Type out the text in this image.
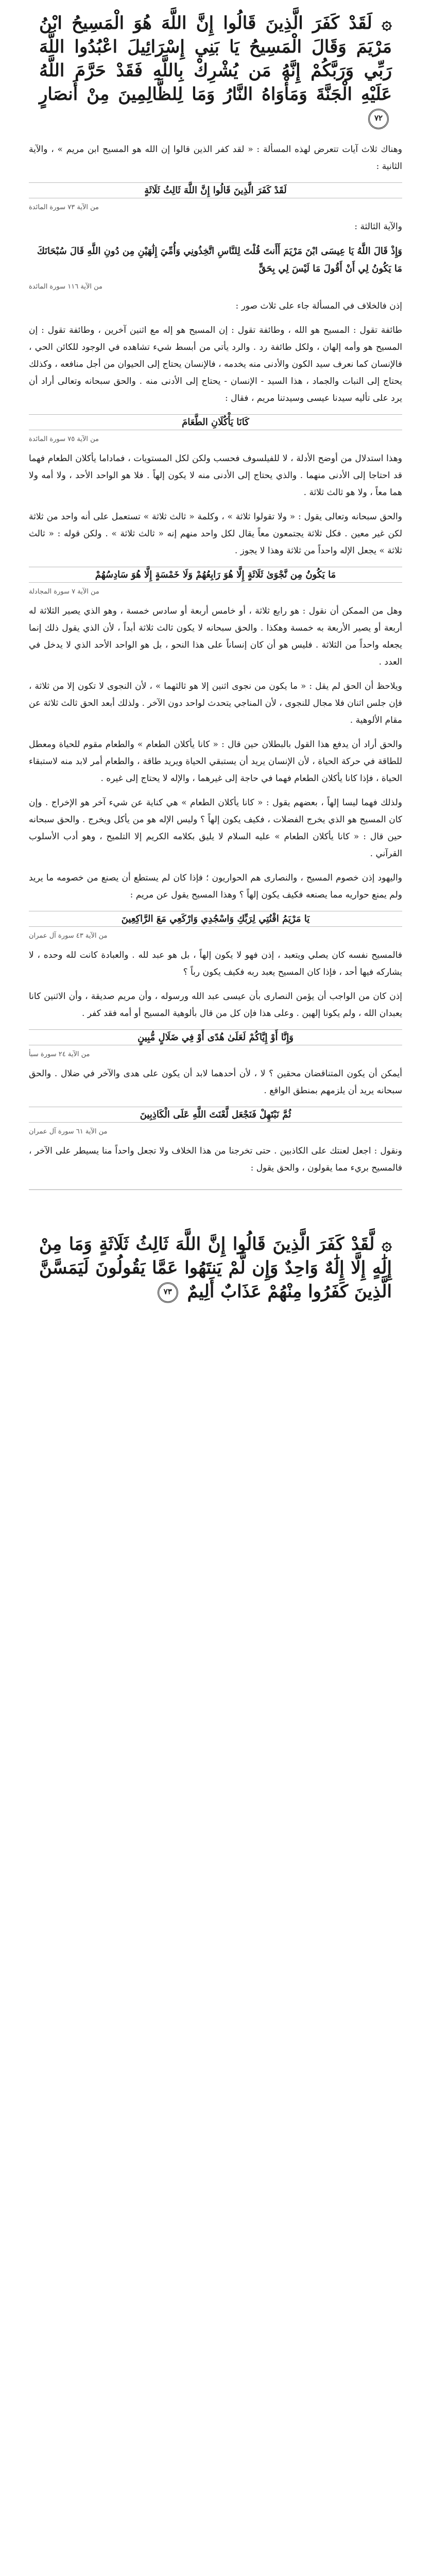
۞ لَقَدْ كَفَرَ الَّذِينَ قَالُوا إِنَّ اللَّهَ هُوَ الْمَسِيحُ ابْنُ مَرْيَمَ وَقَالَ الْمَسِيحُ يَا بَنِي إِسْرَائِيلَ اعْبُدُوا اللَّهَ رَبِّي وَرَبَّكُمْ إِنَّهُ مَن يُشْرِكْ بِاللَّهِ فَقَدْ حَرَّمَ اللَّهُ عَلَيْهِ الْجَنَّةَ وَمَأْوَاهُ النَّارُ وَمَا لِلظَّالِمِينَ مِنْ أَنصَارٍ ٧٢

وهناك ثلاث آيات تتعرض لهذه المسألة : « لقد كفر الذين قالوا إن الله هو المسيح ابن مريم » ، والآية الثانية :

لَقَدْ كَفَرَ الَّذِينَ قَالُوا إِنَّ اللَّهَ ثَالِثُ ثَلَاثَةٍ
من الآية ٧٣ سورة المائدة

والآية الثالثة :

وَإِذْ قَالَ اللَّهُ يَا عِيسَى ابْنَ مَرْيَمَ أَأَنتَ قُلْتَ لِلنَّاسِ اتَّخِذُونِي وَأُمِّيَ إِلَٰهَيْنِ مِن دُونِ اللَّهِ قَالَ سُبْحَانَكَ مَا يَكُونُ لِي أَنْ أَقُولَ مَا لَيْسَ لِي بِحَقٍّ
من الآية ١١٦ سورة المائدة

إذن فالخلاف في المسألة جاء على ثلاث صور :

طائفة تقول : المسيح هو الله ، وطائفة تقول : إن المسيح هو إله مع اثنين آخرين ، وطائفة تقول : إن المسيح هو وأمه إلهان ، ولكل طائفة رد . والرد يأتي من أبسط شيء تشاهده في الوجود للكائن الحي ، فالإنسان كما نعرف سيد الكون والأدنى منه يخدمه ، فالإنسان يحتاج إلى الحيوان من أجل منافعه ، وكذلك يحتاج إلى النبات والجماد ، هذا السيد - الإنسان - يحتاج إلى الأدنى منه . والحق سبحانه وتعالى أراد أن يرد على تأليه سيدنا عيسى وسيدتنا مريم ، فقال :

كَانَا يَأْكُلَانِ الطَّعَامَ
من الآية ٧٥ سورة المائدة

وهذا استدلال من أوضح الأدلة ، لا للفيلسوف فحسب ولكن لكل المستويات ، فماداما يأكلان الطعام فهما قد احتاجا إلى الأدنى منهما . والذي يحتاج إلى الأدنى منه لا يكون إلهاً . فلا هو الواحد الأحد ، ولا أمه ولا هما معاً ، ولا هو ثالث ثلاثة .

والحق سبحانه وتعالى يقول : « ولا تقولوا ثلاثة » ، وكلمة « ثالث ثلاثة » تستعمل على أنه واحد من ثلاثة لكن غير معين . فكل ثلاثة يجتمعون معاً يقال لكل واحد منهم إنه « ثالث ثلاثة » . ولكن قوله : « ثالث ثلاثة » يجعل الإله واحداً من ثلاثة وهذا لا يجوز .

مَا يَكُونُ مِن نَّجْوَىٰ ثَلَاثَةٍ إِلَّا هُوَ رَابِعُهُمْ وَلَا خَمْسَةٍ إِلَّا هُوَ سَادِسُهُمْ
من الآية ٧ سورة المجادلة

وهل من الممكن أن نقول : هو رابع ثلاثة ، أو خامس أربعة أو سادس خمسة ، وهو الذي يصير الثلاثة له أربعة أو يصير الأربعة به خمسة وهكذا . والحق سبحانه لا يكون ثالث ثلاثة أبداً ، لأن الذي يقول ذلك إنما يجعله واحداً من الثلاثة . فليس هو أن كان إنساناً على هذا النحو ، بل هو الواحد الأحد الذي لا يدخل في العدد .

ويلاحظ أن الحق لم يقل : « ما يكون من نجوى اثنين إلا هو ثالثهما » ، لأن النجوى لا تكون إلا من ثلاثة ، فإن جلس اثنان فلا مجال للنجوى ، لأن المناجي يتحدث لواحد دون الآخر . ولذلك أبعد الحق ثالث ثلاثة عن مقام الألوهية .

والحق أراد أن يدفع هذا القول بالبطلان حين قال : « كانا يأكلان الطعام » والطعام مقوم للحياة ومعطل للطاقة في حركة الحياة ، لأن الإنسان يريد أن يستبقي الحياة ويريد طاقة ، والطعام أمر لابد منه لاستبقاء الحياة ، فإذا كانا يأكلان الطعام فهما في حاجة إلى غيرهما ، والإله لا يحتاج إلى غيره .

ولذلك فهما ليسا إلهاً ، بعضهم يقول : « كانا يأكلان الطعام » هي كناية عن شيء آخر هو الإخراج . وإن كان المسيح هو الذي يخرج الفضلات ، فكيف يكون إلهاً ؟ وليس الإله هو من يأكل ويخرج . والحق سبحانه حين قال : « كانا يأكلان الطعام » عليه السلام لا يليق بكلامه الكريم إلا التلميح ، وهو أدب الأسلوب القرآني .

واليهود إذن خصوم المسيح ، والنصارى هم الحواريون ؛ فإذا كان لم يستطع أن يصنع من خصومه ما يريد ولم يمنع حواريه مما يصنعه فكيف يكون إلهاً ؟ وهذا المسيح يقول عن مريم :

يَا مَرْيَمُ اقْنُتِي لِرَبِّكِ وَاسْجُدِي وَارْكَعِي مَعَ الرَّاكِعِينَ
من الآية ٤٣ سورة آل عمران

فالمسيح نفسه كان يصلي ويتعبد ، إذن فهو لا يكون إلهاً ، بل هو عبد لله . والعبادة كانت لله وحده ، لا يشاركه فيها أحد ، فإذا كان المسيح يعبد ربه فكيف يكون رباً ؟

إذن كان من الواجب أن يؤمن النصارى بأن عيسى عبد الله ورسوله ، وأن مريم صديقة ، وأن الاثنين كانا يعبدان الله ، ولم يكونا إلهين . وعلى هذا فإن كل من قال بألوهية المسيح أو أمه فقد كفر .

وَإِنَّا أَوْ إِيَّاكُمْ لَعَلَىٰ هُدًى أَوْ فِي ضَلَالٍ مُّبِينٍ
من الآية ٢٤ سورة سبأ

أيمكن أن يكون المتناقضان محقين ؟ لا ، لأن أحدهما لابد أن يكون على هدى والآخر في ضلال . والحق سبحانه يريد أن يلزمهم بمنطق الواقع .

ثُمَّ نَبْتَهِلْ فَنَجْعَل لَّعْنَتَ اللَّهِ عَلَى الْكَاذِبِينَ
من الآية ٦١ سورة آل عمران

ونقول : اجعل لعنتك على الكاذبين . حتى تخرجنا من هذا الخلاف ولا تجعل واحداً منا يسيطر على الآخر ، فالمسيح بريء مما يقولون ، والحق يقول :

۞ لَّقَدْ كَفَرَ الَّذِينَ قَالُوا إِنَّ اللَّهَ ثَالِثُ ثَلَاثَةٍ وَمَا مِنْ إِلَٰهٍ إِلَّا إِلَٰهٌ وَاحِدٌ وَإِن لَّمْ يَنتَهُوا عَمَّا يَقُولُونَ لَيَمَسَّنَّ الَّذِينَ كَفَرُوا مِنْهُمْ عَذَابٌ أَلِيمٌ ٧٣
